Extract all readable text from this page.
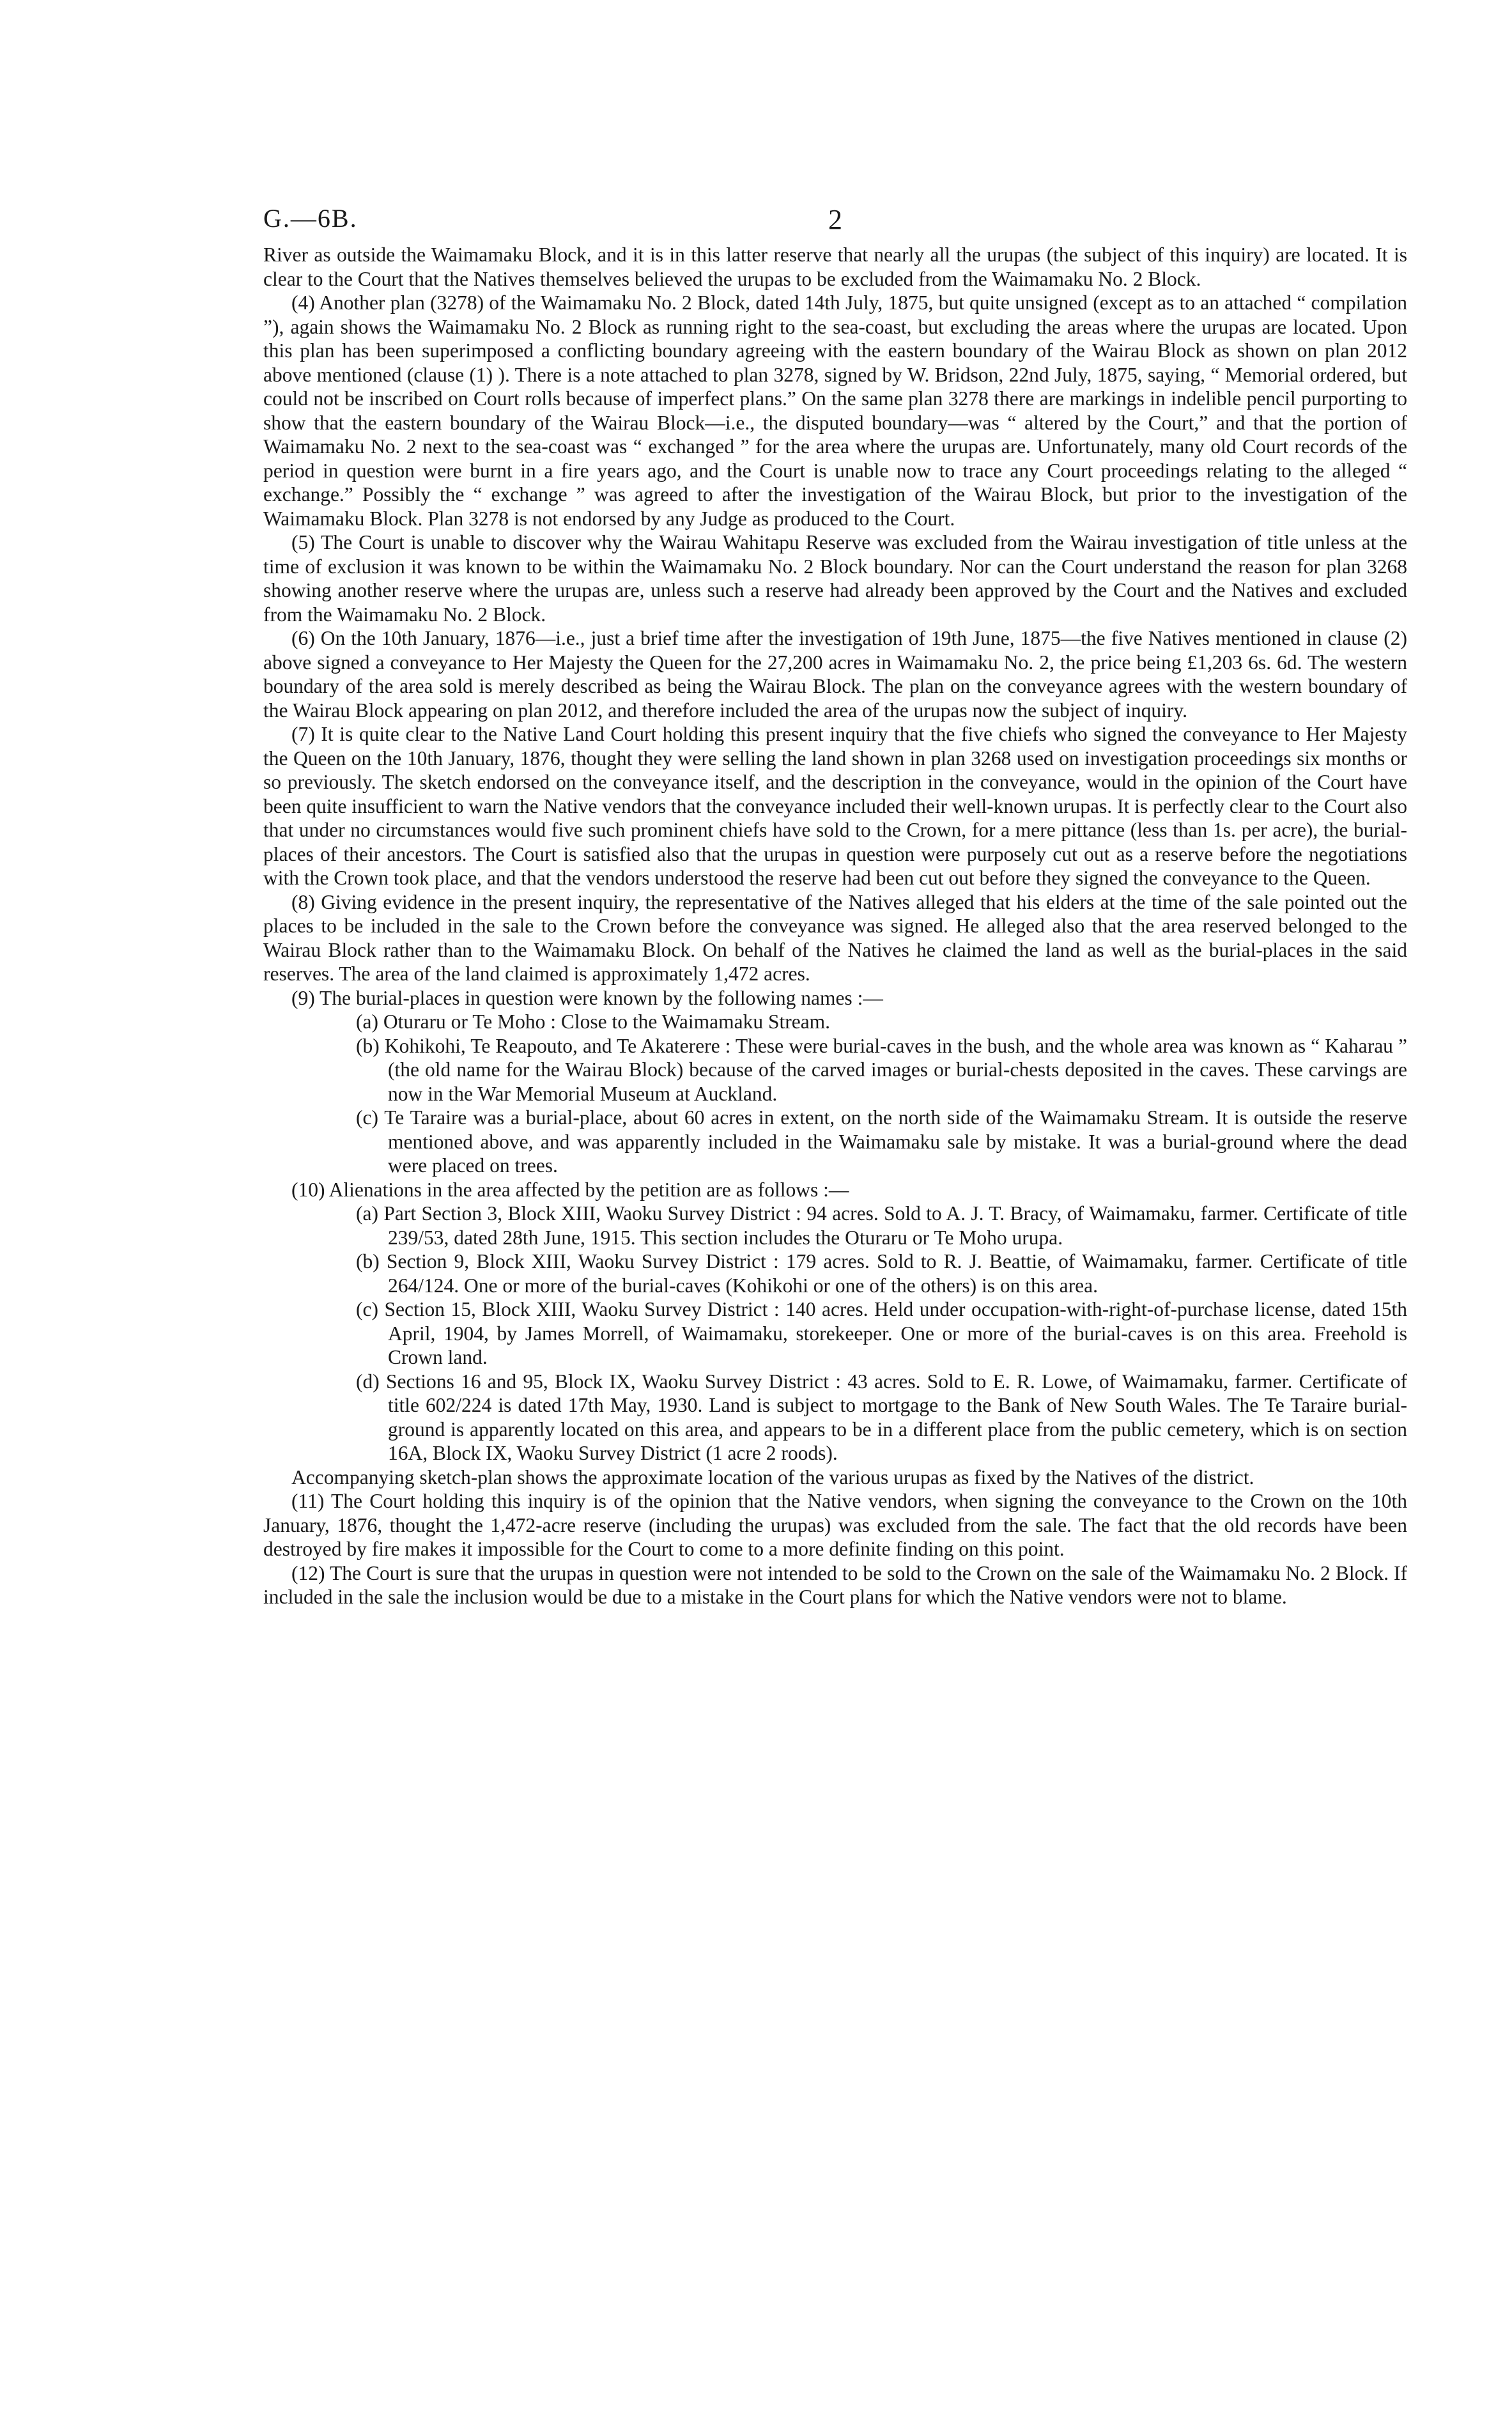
G.—6B.	2

River as outside the Waimamaku Block, and it is in this latter reserve that nearly all the urupas (the subject of this inquiry) are located. It is clear to the Court that the Natives themselves believed the urupas to be excluded from the Waimamaku No. 2 Block.

(4) Another plan (3278) of the Waimamaku No. 2 Block, dated 14th July, 1875, but quite unsigned (except as to an attached “ compilation ”), again shows the Waimamaku No. 2 Block as running right to the sea-coast, but excluding the areas where the urupas are located. Upon this plan has been superimposed a conflicting boundary agreeing with the eastern boundary of the Wairau Block as shown on plan 2012 above mentioned (clause (1) ). There is a note attached to plan 3278, signed by W. Bridson, 22nd July, 1875, saying, “ Memorial ordered, but could not be inscribed on Court rolls because of imperfect plans.” On the same plan 3278 there are markings in indelible pencil purporting to show that the eastern boundary of the Wairau Block—i.e., the disputed boundary—was “ altered by the Court,” and that the portion of Waimamaku No. 2 next to the sea-coast was “ exchanged ” for the area where the urupas are. Unfortunately, many old Court records of the period in question were burnt in a fire years ago, and the Court is unable now to trace any Court proceedings relating to the alleged “ exchange.” Possibly the “ exchange ” was agreed to after the investigation of the Wairau Block, but prior to the investigation of the Waimamaku Block. Plan 3278 is not endorsed by any Judge as produced to the Court.

(5) The Court is unable to discover why the Wairau Wahitapu Reserve was excluded from the Wairau investigation of title unless at the time of exclusion it was known to be within the Waimamaku No. 2 Block boundary. Nor can the Court understand the reason for plan 3268 showing another reserve where the urupas are, unless such a reserve had already been approved by the Court and the Natives and excluded from the Waimamaku No. 2 Block.

(6) On the 10th January, 1876—i.e., just a brief time after the investigation of 19th June, 1875—the five Natives mentioned in clause (2) above signed a conveyance to Her Majesty the Queen for the 27,200 acres in Waimamaku No. 2, the price being £1,203 6s. 6d. The western boundary of the area sold is merely described as being the Wairau Block. The plan on the conveyance agrees with the western boundary of the Wairau Block appearing on plan 2012, and therefore included the area of the urupas now the subject of inquiry.

(7) It is quite clear to the Native Land Court holding this present inquiry that the five chiefs who signed the conveyance to Her Majesty the Queen on the 10th January, 1876, thought they were selling the land shown in plan 3268 used on investigation proceedings six months or so previously. The sketch endorsed on the conveyance itself, and the description in the conveyance, would in the opinion of the Court have been quite insufficient to warn the Native vendors that the conveyance included their well-known urupas. It is perfectly clear to the Court also that under no circumstances would five such prominent chiefs have sold to the Crown, for a mere pittance (less than 1s. per acre), the burial-places of their ancestors. The Court is satisfied also that the urupas in question were purposely cut out as a reserve before the negotiations with the Crown took place, and that the vendors understood the reserve had been cut out before they signed the conveyance to the Queen.

(8) Giving evidence in the present inquiry, the representative of the Natives alleged that his elders at the time of the sale pointed out the places to be included in the sale to the Crown before the conveyance was signed. He alleged also that the area reserved belonged to the Wairau Block rather than to the Waimamaku Block. On behalf of the Natives he claimed the land as well as the burial-places in the said reserves. The area of the land claimed is approximately 1,472 acres.

(9) The burial-places in question were known by the following names :—

(a) Oturaru or Te Moho : Close to the Waimamaku Stream.

(b) Kohikohi, Te Reapouto, and Te Akaterere : These were burial-caves in the bush, and the whole area was known as “ Kaharau ” (the old name for the Wairau Block) because of the carved images or burial-chests deposited in the caves. These carvings are now in the War Memorial Museum at Auckland.

(c) Te Taraire was a burial-place, about 60 acres in extent, on the north side of the Waimamaku Stream. It is outside the reserve mentioned above, and was apparently included in the Waimamaku sale by mistake. It was a burial-ground where the dead were placed on trees.

(10) Alienations in the area affected by the petition are as follows :—

(a) Part Section 3, Block XIII, Waoku Survey District : 94 acres. Sold to A. J. T. Bracy, of Waimamaku, farmer. Certificate of title 239/53, dated 28th June, 1915. This section includes the Oturaru or Te Moho urupa.

(b) Section 9, Block XIII, Waoku Survey District : 179 acres. Sold to R. J. Beattie, of Waimamaku, farmer. Certificate of title 264/124. One or more of the burial-caves (Kohikohi or one of the others) is on this area.

(c) Section 15, Block XIII, Waoku Survey District : 140 acres. Held under occupation-with-right-of-purchase license, dated 15th April, 1904, by James Morrell, of Waimamaku, storekeeper. One or more of the burial-caves is on this area. Freehold is Crown land.

(d) Sections 16 and 95, Block IX, Waoku Survey District : 43 acres. Sold to E. R. Lowe, of Waimamaku, farmer. Certificate of title 602/224 is dated 17th May, 1930. Land is subject to mortgage to the Bank of New South Wales. The Te Taraire burial-ground is apparently located on this area, and appears to be in a different place from the public cemetery, which is on section 16A, Block IX, Waoku Survey District (1 acre 2 roods).

Accompanying sketch-plan shows the approximate location of the various urupas as fixed by the Natives of the district.

(11) The Court holding this inquiry is of the opinion that the Native vendors, when signing the conveyance to the Crown on the 10th January, 1876, thought the 1,472-acre reserve (including the urupas) was excluded from the sale. The fact that the old records have been destroyed by fire makes it impossible for the Court to come to a more definite finding on this point.

(12) The Court is sure that the urupas in question were not intended to be sold to the Crown on the sale of the Waimamaku No. 2 Block. If included in the sale the inclusion would be due to a mistake in the Court plans for which the Native vendors were not to blame.
